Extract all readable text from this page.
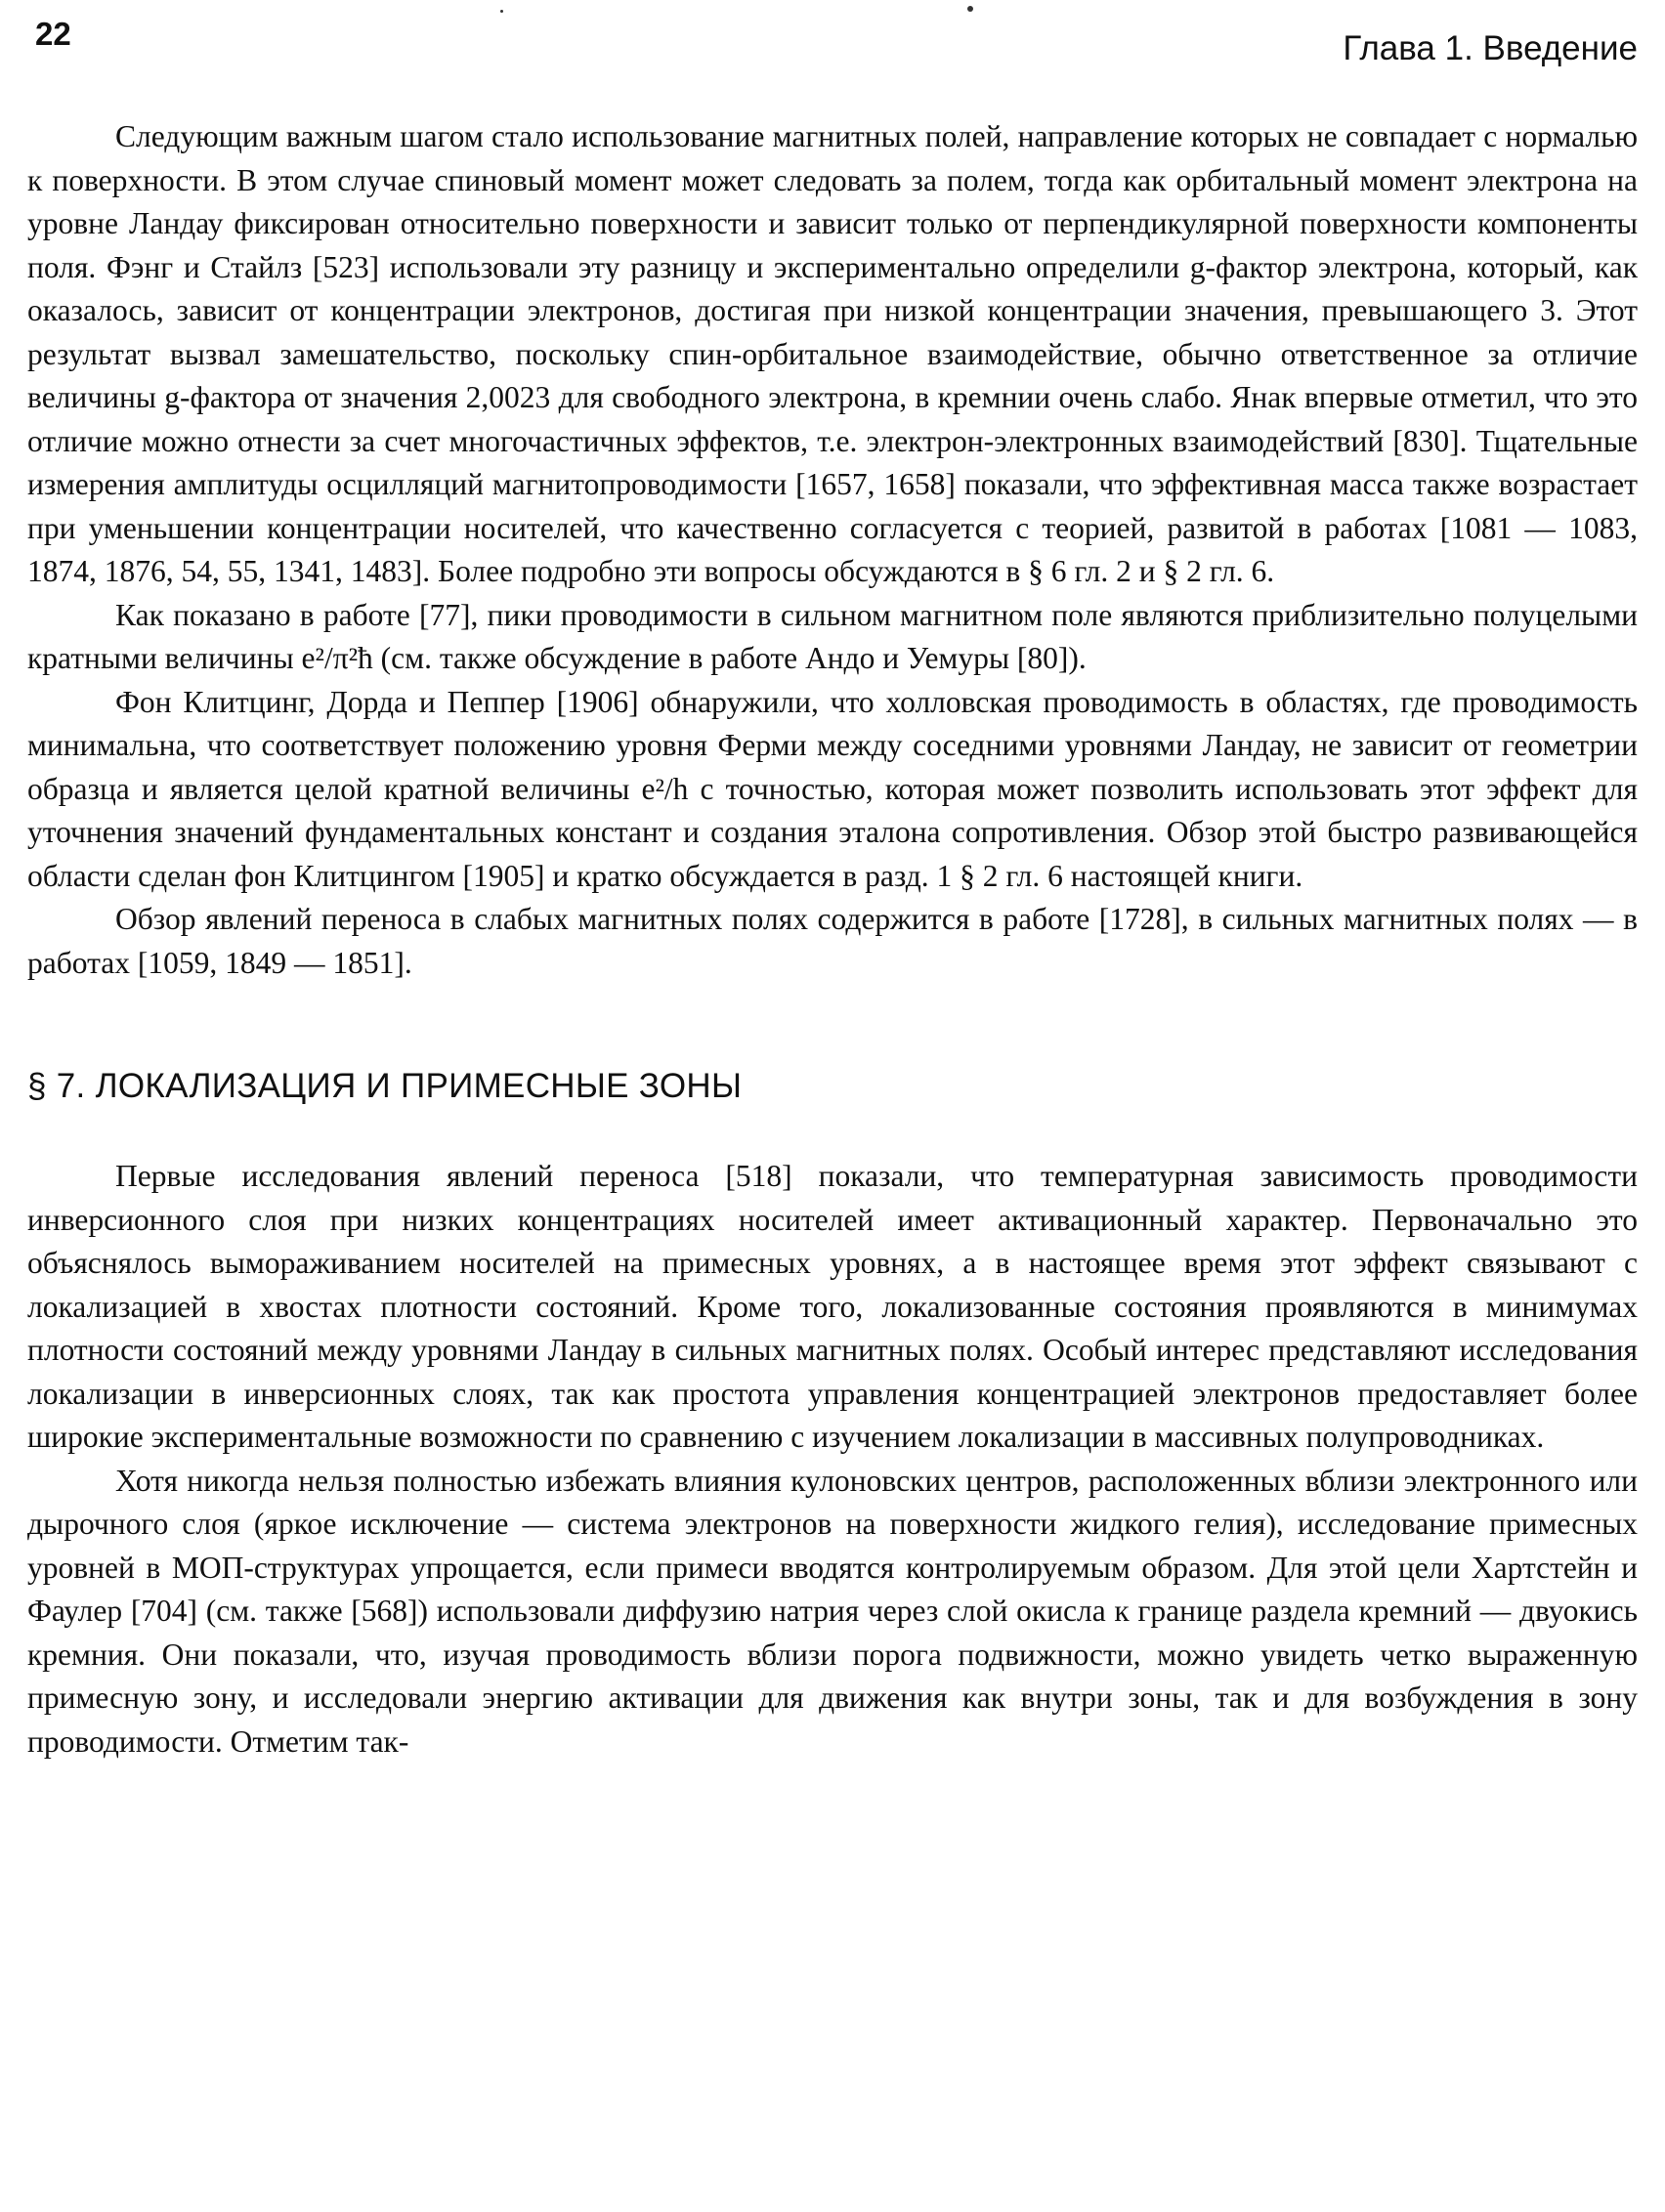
22	Глава 1. Введение

Следующим важным шагом стало использование магнитных полей, направление которых не совпадает с нормалью к поверхности. В этом случае спиновый момент может следовать за полем, тогда как орбитальный момент электрона на уровне Ландау фиксирован относительно поверхности и зависит только от перпендикулярной поверхности компоненты поля. Фэнг и Стайлз [523] использовали эту разницу и экспериментально определили g-фактор электрона, который, как оказалось, зависит от концентрации электронов, достигая при низкой концентрации значения, превышающего 3. Этот результат вызвал замешательство, поскольку спин-орбитальное взаимодействие, обычно ответственное за отличие величины g-фактора от значения 2,0023 для свободного электрона, в кремнии очень слабо. Янак впервые отметил, что это отличие можно отнести за счет многочастичных эффектов, т.е. электрон-электронных взаимодействий [830]. Тщательные измерения амплитуды осцилляций магнитопроводимости [1657, 1658] показали, что эффективная масса также возрастает при уменьшении концентрации носителей, что качественно согласуется с теорией, развитой в работах [1081 — 1083, 1874, 1876, 54, 55, 1341, 1483]. Более подробно эти вопросы обсуждаются в § 6 гл. 2 и § 2 гл. 6.

Как показано в работе [77], пики проводимости в сильном магнитном поле являются приблизительно полуцелыми кратными величины e²/π²ħ (см. также обсуждение в работе Андо и Уемуры [80]).

Фон Клитцинг, Дорда и Пеппер [1906] обнаружили, что холловская проводимость в областях, где проводимость минимальна, что соответствует положению уровня Ферми между соседними уровнями Ландау, не зависит от геометрии образца и является целой кратной величины e²/h с точностью, которая может позволить использовать этот эффект для уточнения значений фундаментальных констант и создания эталона сопротивления. Обзор этой быстро развивающейся области сделан фон Клитцингом [1905] и кратко обсуждается в разд. 1 § 2 гл. 6 настоящей книги.

Обзор явлений переноса в слабых магнитных полях содержится в работе [1728], в сильных магнитных полях — в работах [1059, 1849 — 1851].

§ 7. ЛОКАЛИЗАЦИЯ И ПРИМЕСНЫЕ ЗОНЫ

Первые исследования явлений переноса [518] показали, что температурная зависимость проводимости инверсионного слоя при низких концентрациях носителей имеет активационный характер. Первоначально это объяснялось вымораживанием носителей на примесных уровнях, а в настоящее время этот эффект связывают с локализацией в хвостах плотности состояний. Кроме того, локализованные состояния проявляются в минимумах плотности состояний между уровнями Ландау в сильных магнитных полях. Особый интерес представляют исследования локализации в инверсионных слоях, так как простота управления концентрацией электронов предоставляет более широкие экспериментальные возможности по сравнению с изучением локализации в массивных полупроводниках.

Хотя никогда нельзя полностью избежать влияния кулоновских центров, расположенных вблизи электронного или дырочного слоя (яркое исключение — система электронов на поверхности жидкого гелия), исследование примесных уровней в МОП-структурах упрощается, если примеси вводятся контролируемым образом. Для этой цели Хартстейн и Фаулер [704] (см. также [568]) использовали диффузию натрия через слой окисла к границе раздела кремний — двуокись кремния. Они показали, что, изучая проводимость вблизи порога подвижности, можно увидеть четко выраженную примесную зону, и исследовали энергию активации для движения как внутри зоны, так и для возбуждения в зону проводимости. Отметим так-
